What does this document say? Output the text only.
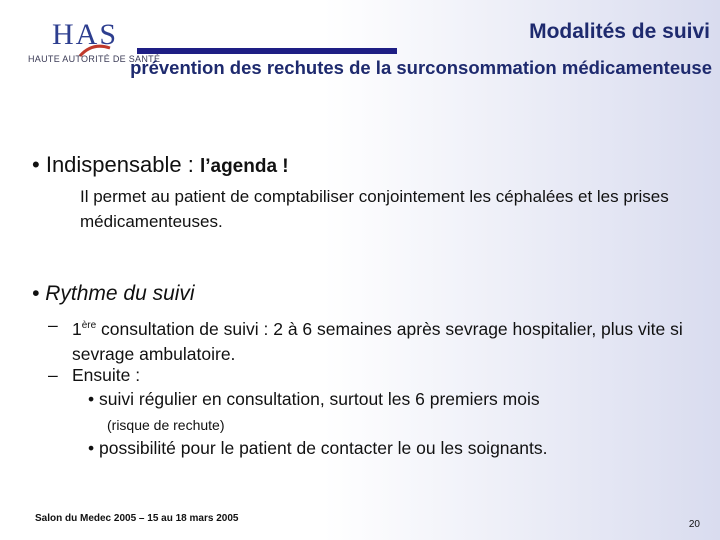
HAS
HAUTE AUTORITÉ DE SANTÉ
Modalités de suivi
prévention des rechutes de la surconsommation médicamenteuse
• Indispensable : l’agenda !
Il permet au patient de comptabiliser conjointement les céphalées et les prises médicamenteuses.
• Rythme du suivi
– 1ère consultation de suivi : 2 à 6 semaines après sevrage hospitalier, plus vite si sevrage ambulatoire.
– Ensuite :
• suivi régulier en consultation, surtout les 6 premiers mois
(risque de rechute)
• possibilité pour le patient de contacter le ou les soignants.
Salon du Medec 2005 – 15 au 18 mars 2005
20
